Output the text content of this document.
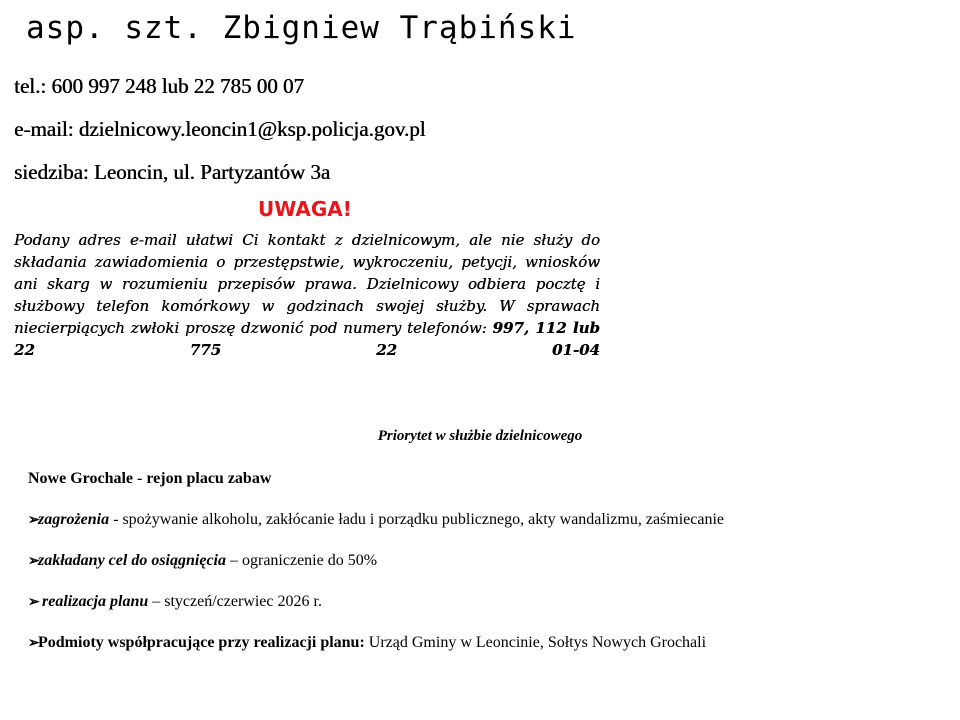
asp. szt. Zbigniew Trąbiński
tel.: 600 997 248 lub 22 785 00 07
e-mail: dzielnicowy.leoncin1@ksp.policja.gov.pl
siedziba: Leoncin, ul. Partyzantów 3a
UWAGA!
Podany adres e-mail ułatwi Ci kontakt z dzielnicowym, ale nie służy do składania zawiadomienia o przestępstwie, wykroczeniu, petycji, wniosków ani skarg w rozumieniu przepisów prawa. Dzielnicowy odbiera pocztę i służbowy telefon komórkowy w godzinach swojej służby. W sprawach niecierpiących zwłoki proszę dzwonić pod numery telefonów: 997, 112 lub 22 775 22 01-04
Priorytet w służbie dzielnicowego
Nowe Grochale - rejon placu zabaw
➢zagrożenia - spożywanie alkoholu, zakłócanie ładu i porządku publicznego, akty wandalizmu, zaśmiecanie
➢zakładany cel do osiągnięcia – ograniczenie do 50%
➢ realizacja planu – styczeń/czerwiec 2026 r.
➢Podmioty współpracujące przy realizacji planu: Urząd Gminy w Leoncinie, Sołtys Nowych Grochali
